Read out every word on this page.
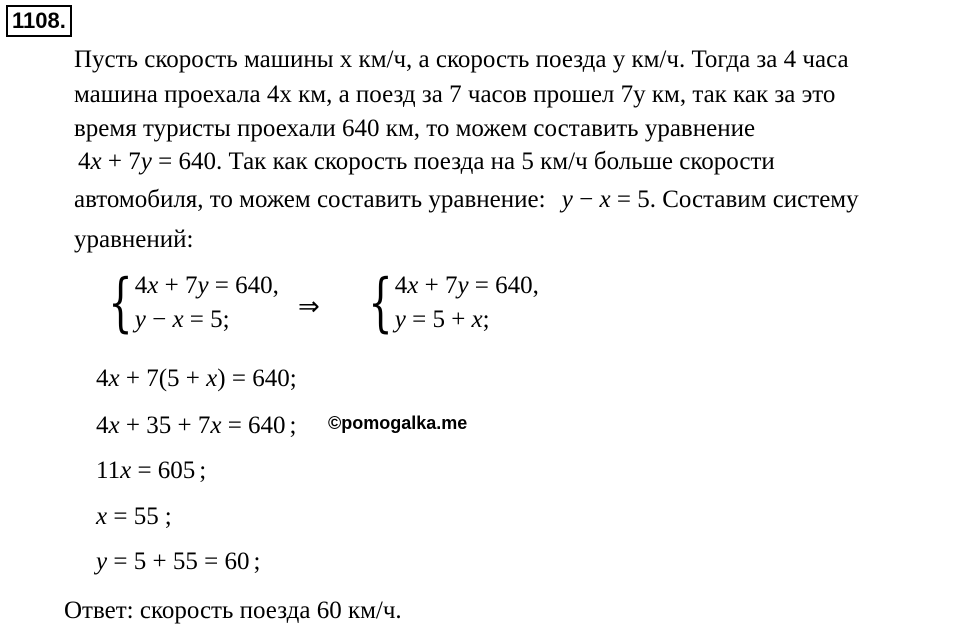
1108.
Пусть скорость машины x км/ч, а скорость поезда y км/ч. Тогда за 4 часа
машина проехала 4x км, а поезд за 7 часов прошел 7y км, так как за это
время туристы проехали 640 км, то можем составить уравнение
4x + 7y = 640. Так как скорость поезда на 5 км/ч больше скорости
автомобиля, то можем составить уравнение: y − x = 5. Составим систему
уравнений:
{ 4x + 7y = 640,
y − x = 5;	⇒ { 4x + 7y = 640,
y = 5 + x;
4x + 7(5 + x) = 640;
4x + 35 + 7x = 640 ; ©pomogalka.me
11x = 605 ;
x = 55 ;
y = 5 + 55 = 60 ;
Ответ: скорость поезда 60 км/ч.
